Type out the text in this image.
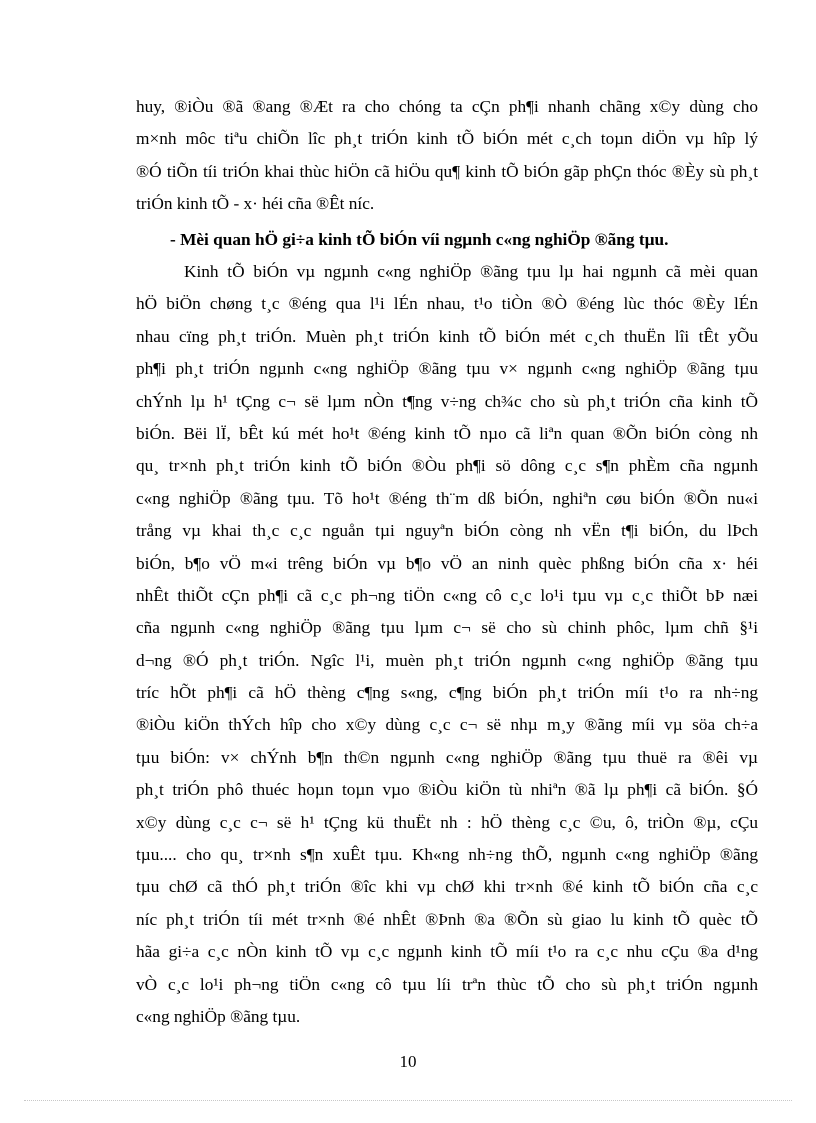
huy, ®iÒu ®ã ®ang ®Æt ra cho chóng ta cÇn ph¶i nhanh chãng x©y dùng cho
m×nh môc tiªu chiÕn lîc ph¸t triÓn kinh tÕ biÓn mét c¸ch toµn diÖn vµ hîp lý
®Ó tiÕn tíi triÓn khai thùc hiÖn cã hiÖu qu¶ kinh tÕ biÓn gãp phÇn thóc ®Èy sù ph¸t
triÓn kinh tÕ - x· héi cña ®Êt níc.
- Mèi quan hÖ gi÷a kinh tÕ biÓn víi ngµnh c«ng nghiÖp ®ãng tµu.
Kinh tÕ biÓn vµ ngµnh c«ng nghiÖp ®ãng tµu lµ hai ngµnh cã mèi quan
hÖ biÖn chøng t¸c ®éng qua l¹i lÉn nhau, t¹o tiÒn ®Ò ®éng lùc thóc ®Èy lÉn
nhau cïng ph¸t triÓn. Muèn ph¸t triÓn kinh tÕ biÓn mét c¸ch thuËn lîi tÊt yÕu
ph¶i ph¸t triÓn ngµnh c«ng nghiÖp ®ãng tµu v× ngµnh c«ng nghiÖp ®ãng tµu
chÝnh lµ h¹ tÇng c¬ së lµm nÒn t¶ng v÷ng ch¾c cho sù ph¸t triÓn cña kinh tÕ
biÓn. Bëi lÏ, bÊt kú mét ho¹t ®éng kinh tÕ nµo cã liªn quan ®Õn biÓn còng nh
qu¸ tr×nh ph¸t triÓn kinh tÕ biÓn ®Òu ph¶i sö dông c¸c s¶n phÈm cña ngµnh
c«ng nghiÖp ®ãng tµu. Tõ ho¹t ®éng th¨m dß biÓn, nghiªn cøu biÓn ®Õn nu«i
trång vµ khai th¸c c¸c nguån tµi nguyªn biÓn còng nh vËn t¶i biÓn, du lÞch
biÓn, b¶o vÖ m«i trêng biÓn vµ b¶o vÖ an ninh quèc phßng biÓn cña x· héi
nhÊt thiÕt cÇn ph¶i cã c¸c ph¬ng tiÖn c«ng cô c¸c lo¹i tµu vµ c¸c thiÕt bÞ næi
cña ngµnh c«ng nghiÖp ®ãng tµu lµm c¬ së cho sù chinh phôc, lµm chñ §¹i
d¬ng ®Ó ph¸t triÓn. Ngîc l¹i, muèn ph¸t triÓn ngµnh c«ng nghiÖp ®ãng tµu
tríc hÕt ph¶i cã hÖ thèng c¶ng s«ng, c¶ng biÓn ph¸t triÓn míi t¹o ra nh÷ng
®iÒu kiÖn thÝch hîp cho x©y dùng c¸c c¬ së nhµ m¸y ®ãng míi vµ söa ch÷a
tµu biÓn: v× chÝnh b¶n th©n ngµnh c«ng nghiÖp ®ãng tµu thuë ra ®êi vµ
ph¸t triÓn phô thuéc hoµn toµn vµo ®iÒu kiÖn tù nhiªn ®ã lµ ph¶i cã biÓn. §Ó
x©y dùng c¸c c¬ së h¹ tÇng kü thuËt nh : hÖ thèng c¸c ©u, ô, triÒn ®µ, cÇu
tµu.... cho qu¸ tr×nh s¶n xuÊt tµu. Kh«ng nh÷ng thÕ, ngµnh c«ng nghiÖp ®ãng
tµu chØ cã thÓ ph¸t triÓn ®îc khi vµ chØ khi tr×nh ®é kinh tÕ biÓn cña c¸c
níc ph¸t triÓn tíi mét tr×nh ®é nhÊt ®Þnh ®a ®Õn sù giao lu kinh tÕ quèc tÕ
hãa gi÷a c¸c nÒn kinh tÕ vµ c¸c ngµnh kinh tÕ míi t¹o ra c¸c nhu cÇu ®a d¹ng
vÒ c¸c lo¹i ph¬ng tiÖn c«ng cô tµu líi trªn thùc tÕ cho sù ph¸t triÓn ngµnh
c«ng nghiÖp ®ãng tµu.
10
